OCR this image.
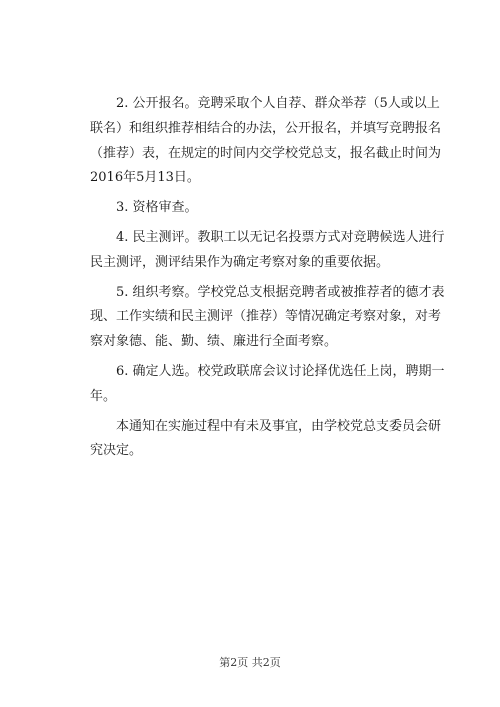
2. 公开报名。竞聘采取个人自荐、群众举荐（5人或以上联名）和组织推荐相结合的办法，公开报名，并填写竞聘报名（推荐）表，在规定的时间内交学校党总支，报名截止时间为2016年5月13日。

3. 资格审查。

4. 民主测评。教职工以无记名投票方式对竞聘候选人进行民主测评，测评结果作为确定考察对象的重要依据。

5. 组织考察。学校党总支根据竞聘者或被推荐者的德才表现、工作实绩和民主测评（推荐）等情况确定考察对象，对考察对象德、能、勤、绩、廉进行全面考察。

6. 确定人选。校党政联席会议讨论择优选任上岗，聘期一年。

本通知在实施过程中有未及事宜，由学校党总支委员会研究决定。

第2页 共2页
